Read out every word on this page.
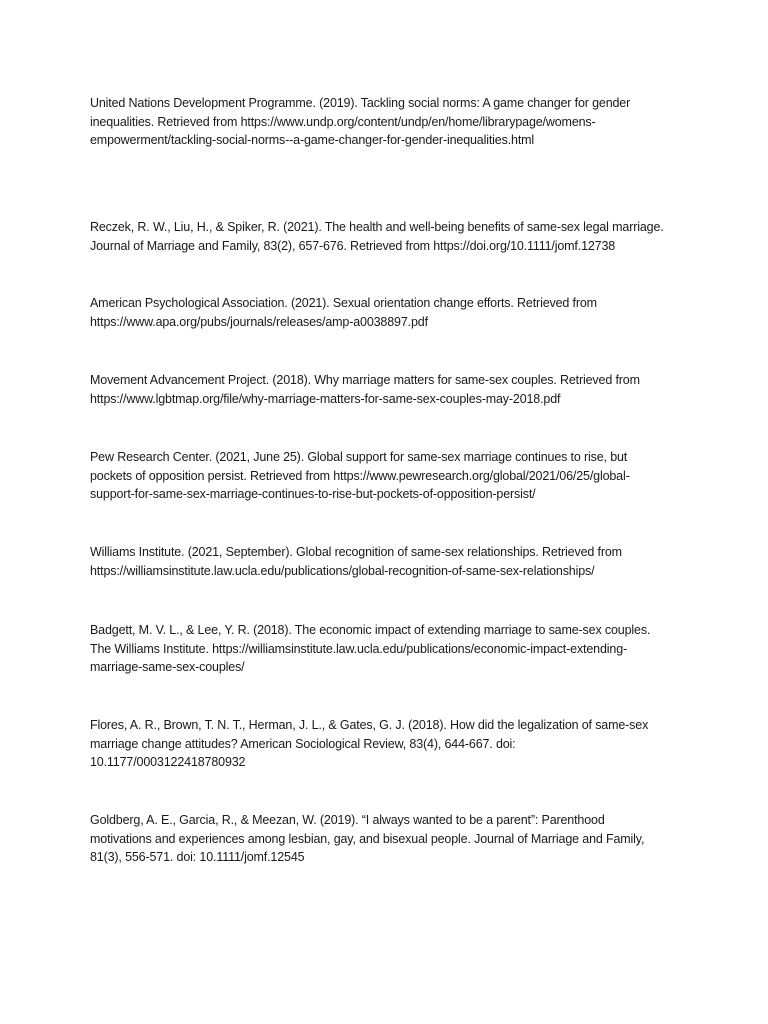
United Nations Development Programme. (2019). Tackling social norms: A game changer for gender
inequalities. Retrieved from https://www.undp.org/content/undp/en/home/librarypage/womens-
empowerment/tackling-social-norms--a-game-changer-for-gender-inequalities.html

Reczek, R. W., Liu, H., & Spiker, R. (2021). The health and well-being benefits of same-sex legal marriage.
Journal of Marriage and Family, 83(2), 657-676. Retrieved from https://doi.org/10.1111/jomf.12738

American Psychological Association. (2021). Sexual orientation change efforts. Retrieved from
https://www.apa.org/pubs/journals/releases/amp-a0038897.pdf

Movement Advancement Project. (2018). Why marriage matters for same-sex couples. Retrieved from
https://www.lgbtmap.org/file/why-marriage-matters-for-same-sex-couples-may-2018.pdf

Pew Research Center. (2021, June 25). Global support for same-sex marriage continues to rise, but
pockets of opposition persist. Retrieved from https://www.pewresearch.org/global/2021/06/25/global-
support-for-same-sex-marriage-continues-to-rise-but-pockets-of-opposition-persist/

Williams Institute. (2021, September). Global recognition of same-sex relationships. Retrieved from
https://williamsinstitute.law.ucla.edu/publications/global-recognition-of-same-sex-relationships/

Badgett, M. V. L., & Lee, Y. R. (2018). The economic impact of extending marriage to same-sex couples.
The Williams Institute. https://williamsinstitute.law.ucla.edu/publications/economic-impact-extending-
marriage-same-sex-couples/

Flores, A. R., Brown, T. N. T., Herman, J. L., & Gates, G. J. (2018). How did the legalization of same-sex
marriage change attitudes? American Sociological Review, 83(4), 644-667. doi:
10.1177/0003122418780932

Goldberg, A. E., Garcia, R., & Meezan, W. (2019). “I always wanted to be a parent”: Parenthood
motivations and experiences among lesbian, gay, and bisexual people. Journal of Marriage and Family,
81(3), 556-571. doi: 10.1111/jomf.12545
